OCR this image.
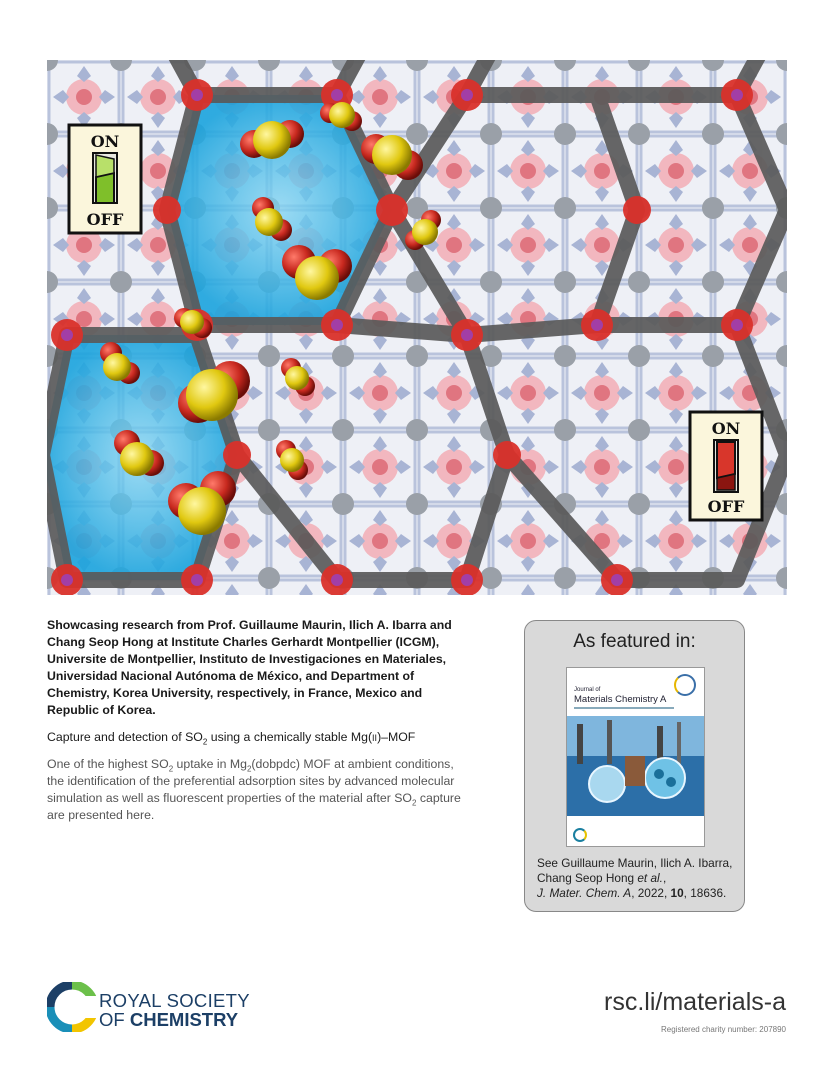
ON
OFF
ON
OFF

Showcasing research from Prof. Guillaume Maurin, Ilich A. Ibarra and Chang Seop Hong at Institute Charles Gerhardt Montpellier (ICGM), Universite de Montpellier, Instituto de Investigaciones en Materiales, Universidad Nacional Autónoma de México, and Department of Chemistry, Korea University, respectively, in France, Mexico and Republic of Korea.

Capture and detection of $SO_2$ using a chemically stable Mg(ii)–MOF

One of the highest $SO_2$ uptake in $Mg_2(dobpdc)$ MOF at ambient conditions, the identification of the preferential adsorption sites by advanced molecular simulation as well as fluorescent properties of the material after $SO_2$ capture are presented here.

As featured in:
Journal of
Materials Chemistry A
See Guillaume Maurin, Ilich A. Ibarra, Chang Seop Hong et al.,
J. Mater. Chem. A, 2022, 10, 18636.
ROYAL SOCIETY
OF CHEMISTRY
rsc.li/materials-a
Registered charity number: 207890
